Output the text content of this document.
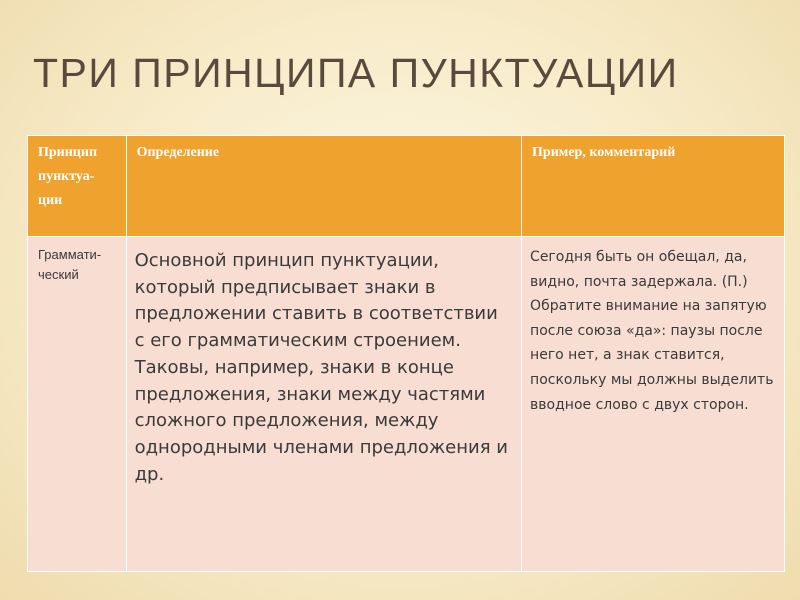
ТРИ ПРИНЦИПА ПУНКТУАЦИИ
Принцип пунктуа-ции	Определение	Пример, комментарий
Граммати-ческий	Основной принцип пунктуации, который предписывает знаки в предложении ставить в соответствии с его грамматическим строением. Таковы, например, знаки в конце предложения, знаки между частями сложного предложения, между однородными членами предложения и др.	Сегодня быть он обещал, да, видно, почта задержала. (П.)
Обратите внимание на запятую после союза «да»: паузы после него нет, а знак ставится, поскольку мы должны выделить вводное слово с двух сторон.
